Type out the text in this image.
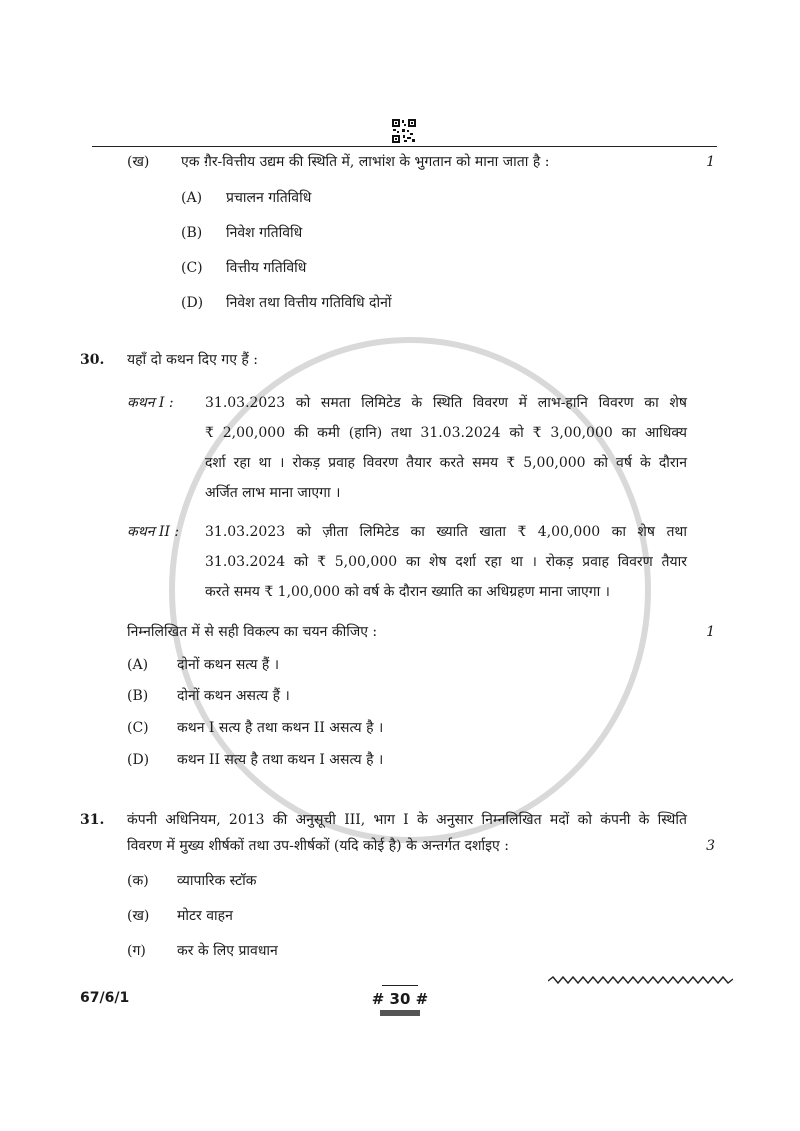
(ख) एक ग़ैर-वित्तीय उद्यम की स्थिति में, लाभांश के भुगतान को माना जाता है :	1
(A) प्रचालन गतिविधि
(B) निवेश गतिविधि
(C) वित्तीय गतिविधि
(D) निवेश तथा वित्तीय गतिविधि दोनों
30. यहाँ दो कथन दिए गए हैं :
कथन I : 31.03.2023 को समता लिमिटेड के स्थिति विवरण में लाभ-हानि विवरण का शेष
₹ 2,00,000 की कमी (हानि) तथा 31.03.2024 को ₹ 3,00,000 का आधिक्य
दर्शा रहा था । रोकड़ प्रवाह विवरण तैयार करते समय ₹ 5,00,000 को वर्ष के दौरान
अर्जित लाभ माना जाएगा ।
कथन II : 31.03.2023 को ज़ीता लिमिटेड का ख्याति खाता ₹ 4,00,000 का शेष तथा
31.03.2024 को ₹ 5,00,000 का शेष दर्शा रहा था । रोकड़ प्रवाह विवरण तैयार
करते समय ₹ 1,00,000 को वर्ष के दौरान ख्याति का अधिग्रहण माना जाएगा ।
निम्नलिखित में से सही विकल्प का चयन कीजिए :	1
(A) दोनों कथन सत्य हैं ।
(B) दोनों कथन असत्य हैं ।
(C) कथन I सत्य है तथा कथन II असत्य है ।
(D) कथन II सत्य है तथा कथन I असत्य है ।
31. कंपनी अधिनियम, 2013 की अनुसूची III, भाग I के अनुसार निम्नलिखित मदों को कंपनी के स्थिति
विवरण में मुख्य शीर्षकों तथा उप-शीर्षकों (यदि कोई है) के अन्तर्गत दर्शाइए :	3
(क) व्यापारिक स्टॉक
(ख) मोटर वाहन
(ग) कर के लिए प्रावधान
67/6/1	# 30 #
